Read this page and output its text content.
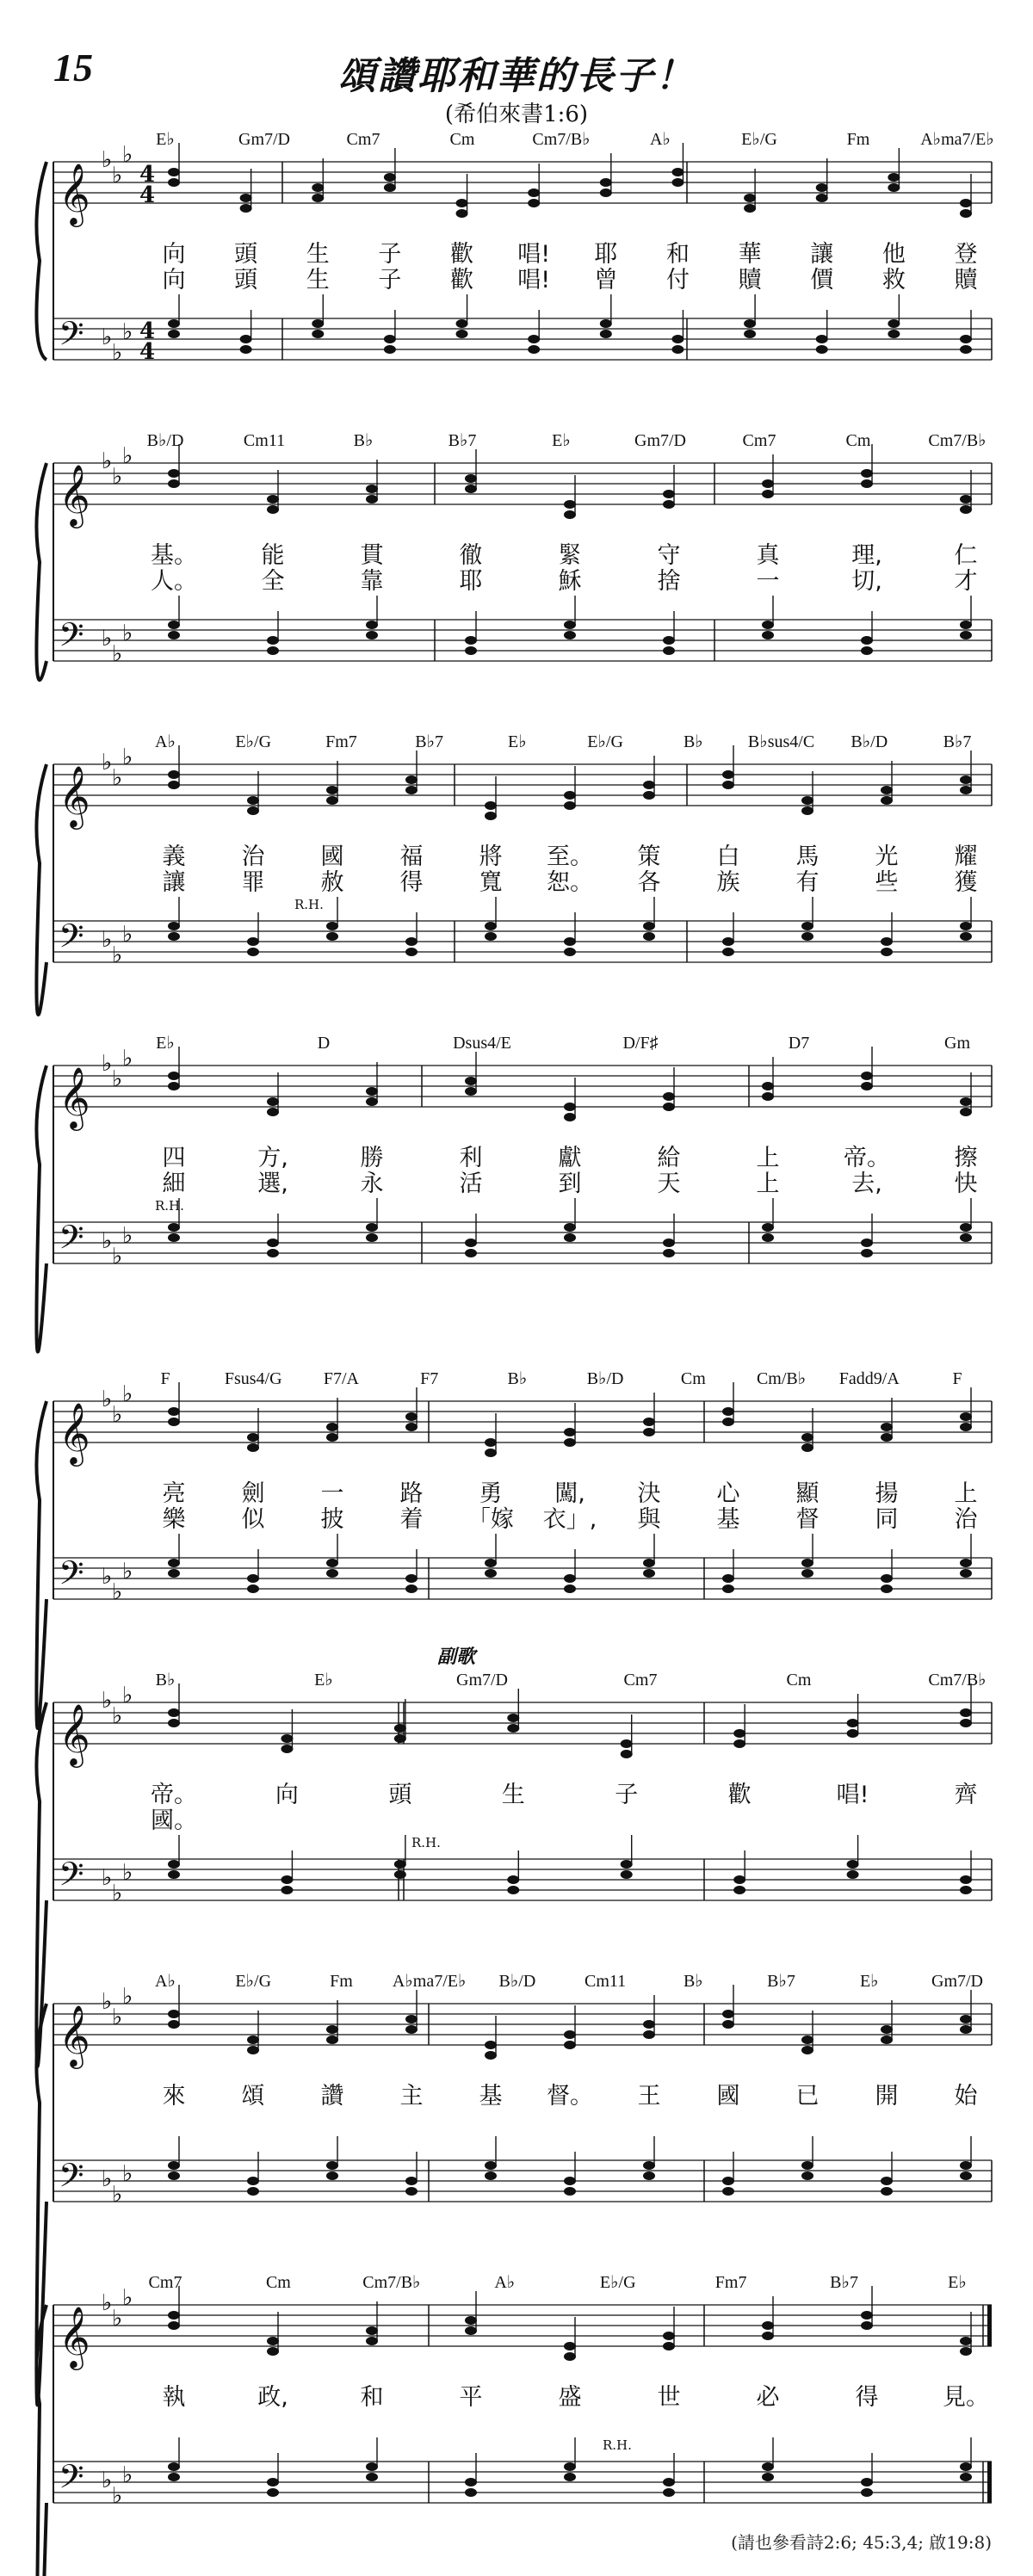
15	頌讚耶和華的長子！
(希伯來書1:6)
𝄞
♭
♭
♭
4
4
𝄢 ♭
♭
♭ 4
4
E♭	Gm7/D	Cm7	Cm	Cm7/B♭	A♭	E♭/G	Fm	A♭ma7/E♭
向 頭 生 子 歡 唱! 耶 和 華 讓 他 登
向 頭 生 子 歡 唱! 曾 付 贖 價 救 贖
𝄞
♭
♭
♭
𝄢 ♭
♭
♭
B♭/D	Cm11	B♭	B♭7	E♭	Gm7/D	Cm7	Cm	Cm7/B♭
基。	能	貫	徹	緊	守	真	理,	仁
人。	全	靠	耶	穌	捨	一	切,	才
𝄞
♭
♭
♭
𝄢 ♭
♭
♭
A♭	E♭/G	Fm7	B♭7	E♭	E♭/G	B♭	B♭sus4/C B♭/D	B♭7
義 治 國 福 將 至。 策 白 馬 光 耀
讓 罪 赦 得 寬 恕。 各 族 有 些 獲
R.H.
𝄞
♭
♭
♭
𝄢 ♭
♭
♭
E♭	D	Dsus4/E	D/F♯	D7	Gm
四	方,	勝	利	獻	給	上	帝。	擦
細	選,	永	活	到	天	上	去,	快
R.H.
𝄞
♭
♭
♭
𝄢 ♭
♭
♭
F	Fsus4/G F7/A	F7	B♭	B♭/D	Cm	Cm/B♭ Fadd9/A	F
亮 劍 一 路 勇 闖, 決 心 顯 揚 上
樂 似 披 着 「嫁 衣」, 與 基 督 同 治
𝄞
♭
♭
♭
𝄢 ♭
♭
♭
B♭	E♭	Gm7/D	Cm7	Cm	Cm7/B♭
帝。	向	頭	生	子	歡	唱!	齊
國。
R.H.
副歌
𝄞
♭
♭
♭
𝄢 ♭
♭
♭
A♭	E♭/G	Fm A♭ma7/E♭ B♭/D	Cm11	B♭	B♭7	E♭	Gm7/D
來 頌 讚 主 基 督。 王 國 已 開 始
𝄞
♭
♭
♭
𝄢 ♭
♭
♭
Cm7	Cm	Cm7/B♭	A♭	E♭/G	Fm7	B♭7	E♭
執	政,	和	平	盛	世	必	得	見。
R.H.
(請也參看詩2:6; 45:3,4; 啟19:8)
